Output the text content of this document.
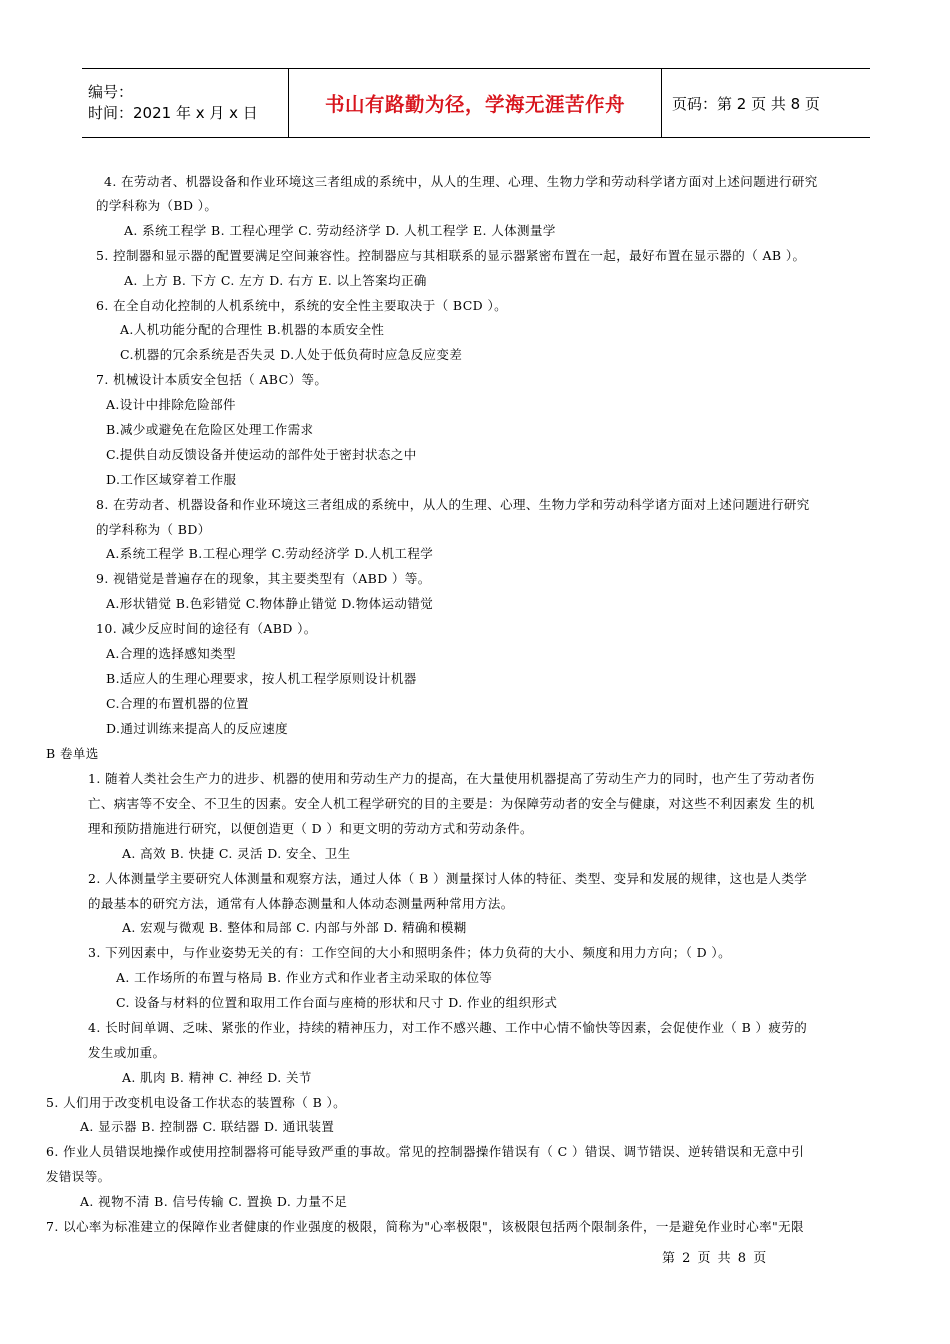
编号：
时间：2021 年 x 月 x 日	书山有路勤为径，学海无涯苦作舟	页码：第 2 页 共 8 页
4. 在劳动者、机器设备和作业环境这三者组成的系统中，从人的生理、心理、生物力学和劳动科学诸方面对上述问题进行研究
的学科称为（BD ）。
A. 系统工程学 B. 工程心理学 C. 劳动经济学 D. 人机工程学 E. 人体测量学
5. 控制器和显示器的配置要满足空间兼容性。控制器应与其相联系的显示器紧密布置在一起，最好布置在显示器的（ AB ）。
A. 上方 B. 下方 C. 左方 D. 右方 E. 以上答案均正确
6. 在全自动化控制的人机系统中，系统的安全性主要取决于（ BCD ）。
A.人机功能分配的合理性 B.机器的本质安全性
C.机器的冗余系统是否失灵 D.人处于低负荷时应急反应变差
7. 机械设计本质安全包括（ ABC）等。
A.设计中排除危险部件
B.减少或避免在危险区处理工作需求
C.提供自动反馈设备并使运动的部件处于密封状态之中
D.工作区域穿着工作服
8. 在劳动者、机器设备和作业环境这三者组成的系统中，从人的生理、心理、生物力学和劳动科学诸方面对上述问题进行研究
的学科称为（ BD）
A.系统工程学 B.工程心理学 C.劳动经济学 D.人机工程学
9. 视错觉是普遍存在的现象，其主要类型有（ABD ）等。
A.形状错觉 B.色彩错觉 C.物体静止错觉 D.物体运动错觉
10. 减少反应时间的途径有（ABD ）。
A.合理的选择感知类型
B.适应人的生理心理要求，按人机工程学原则设计机器
C.合理的布置机器的位置
D.通过训练来提高人的反应速度
B 卷单选
1. 随着人类社会生产力的进步、机器的使用和劳动生产力的提高，在大量使用机器提高了劳动生产力的同时，也产生了劳动者伤
亡、病害等不安全、不卫生的因素。安全人机工程学研究的目的主要是：为保障劳动者的安全与健康，对这些不利因素发 生的机
理和预防措施进行研究，以便创造更（ D ）和更文明的劳动方式和劳动条件。
A. 高效 B. 快捷 C. 灵活 D. 安全、卫生
2. 人体测量学主要研究人体测量和观察方法，通过人体（ B ）测量探讨人体的特征、类型、变异和发展的规律，这也是人类学
的最基本的研究方法，通常有人体静态测量和人体动态测量两种常用方法。
A. 宏观与微观 B. 整体和局部 C. 内部与外部 D. 精确和模糊
3. 下列因素中，与作业姿势无关的有：工作空间的大小和照明条件；体力负荷的大小、频度和用力方向；（ D ）。
A. 工作场所的布置与格局 B. 作业方式和作业者主动采取的体位等
C. 设备与材料的位置和取用工作台面与座椅的形状和尺寸 D. 作业的组织形式
4. 长时间单调、乏味、紧张的作业，持续的精神压力，对工作不感兴趣、工作中心情不愉快等因素，会促使作业（ B ）疲劳的
发生或加重。
A. 肌肉 B. 精神 C. 神经 D. 关节
5. 人们用于改变机电设备工作状态的装置称（ B ）。
A. 显示器 B. 控制器 C. 联结器 D. 通讯装置
6. 作业人员错误地操作或使用控制器将可能导致严重的事故。常见的控制器操作错误有（ C ）错误、调节错误、逆转错误和无意中引
发错误等。
A. 视物不清 B. 信号传输 C. 置换 D. 力量不足
7. 以心率为标准建立的保障作业者健康的作业强度的极限，简称为"心率极限"，该极限包括两个限制条件，一是避免作业时心率"无限
第 2 页 共 8 页
